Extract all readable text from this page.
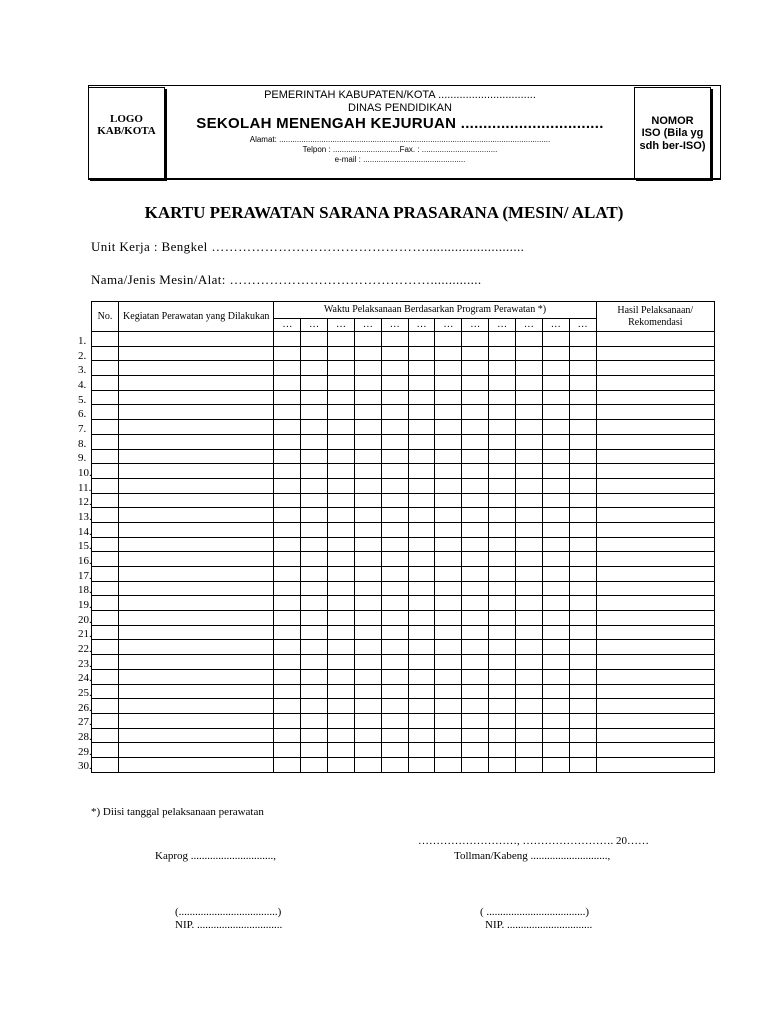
LOGO KAB/KOTA
NOMOR
ISO (Bila yg sdh ber-ISO)
PEMERINTAH KABUPATEN/KOTA ................................
DINAS PENDIDIKAN
SEKOLAH MENENGAH KEJURUAN ................................
Alamat: ..........................................................................................................................
Telpon : ..............................Fax. : ..................................
e-mail : ..............................................
KARTU PERAWATAN SARANA PRASARANA (MESIN/ ALAT)
Unit Kerja : Bengkel …………………………………………...........................
Nama/Jenis Mesin/Alat: ………………………………………..............
No.	Kegiatan Perawatan yang Dilakukan	Waktu Pelaksanaan Berdasarkan Program Perawatan *)												Hasil Pelaksanaan/ Rekomendasi
		…	…	…	…	…	…	…	…	…	…	…	…	

1.
2.
3.
4.
5.
6.
7.
8.
9.
10.
11.
12.
13.
14.
15.
16.
17.
18.
19.
20.
21.
22.
23.
24.
25.
26.
27.
28.
29.
30.
*) Diisi tanggal pelaksanaan perawatan
………………………, ……………………. 20……
Kaprog ..............................,	Tollman/Kabeng ............................,
(....................................)
NIP. ...............................
( ....................................)
NIP. ...............................
